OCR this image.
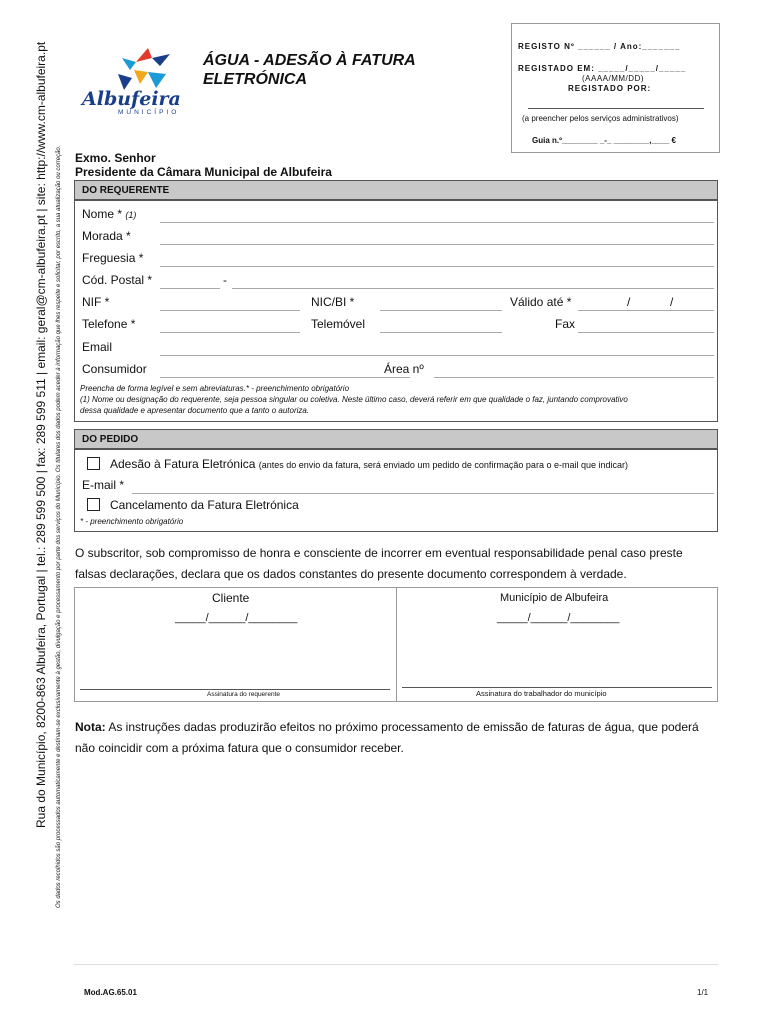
Rua do Município, 8200-863 Albufeira, Portugal | tel.: 289 599 500 | fax: 289 599 511 | email: geral@cm-albufeira.pt | site: http://www.cm-albufeira.pt Os dados recolhidos são processados automaticamente e destinam-se exclusivamente à gestão, divulgação e processamento por parte dos serviços do Município. Os titulares dos dados podem aceder à informação que lhes respeite e solicitar, por escrito, a sua atualização ou correção.
Albufeira
MUNICÍPIO
ÁGUA - ADESÃO À FATURA
ELETRÓNICA
REGISTO Nº ______ / Ano:_______
REGISTADO EM: _____/_____/_____
(AAAA/MM/DD)
REGISTADO POR:
(a preencher pelos serviços administrativos)
Guia n.º________ _-_ ________,____ €
Exmo. Senhor
Presidente da Câmara Municipal de Albufeira
DO REQUERENTE
Nome * (1)
Morada *
Freguesia *
Cód. Postal *	-
NIF *	NIC/BI *	Válido até *	/	/
Telefone *	Telemóvel	Fax
Email
Consumidor	Área nº
Preencha de forma legível e sem abreviaturas.* - preenchimento obrigatório
(1) Nome ou designação do requerente, seja pessoa singular ou coletiva. Neste último caso, deverá referir em que qualidade o faz, juntando comprovativo
dessa qualidade e apresentar documento que a tanto o autoriza.
DO PEDIDO
Adesão à Fatura Eletrónica (antes do envio da fatura, será enviado um pedido de confirmação para o e-mail que indicar)
E-mail *
Cancelamento da Fatura Eletrónica
* - preenchimento obrigatório
O subscritor, sob compromisso de honra e consciente de incorrer em eventual responsabilidade penal caso preste
falsas declarações, declara que os dados constantes do presente documento correspondem à verdade.
Cliente
_____/______/________
Assinatura do requerente
Município de Albufeira
_____/______/________
Assinatura do trabalhador do município
Nota: As instruções dadas produzirão efeitos no próximo processamento de emissão de faturas de água, que poderá
não coincidir com a próxima fatura que o consumidor receber.
Mod.AG.65.01	1/1
